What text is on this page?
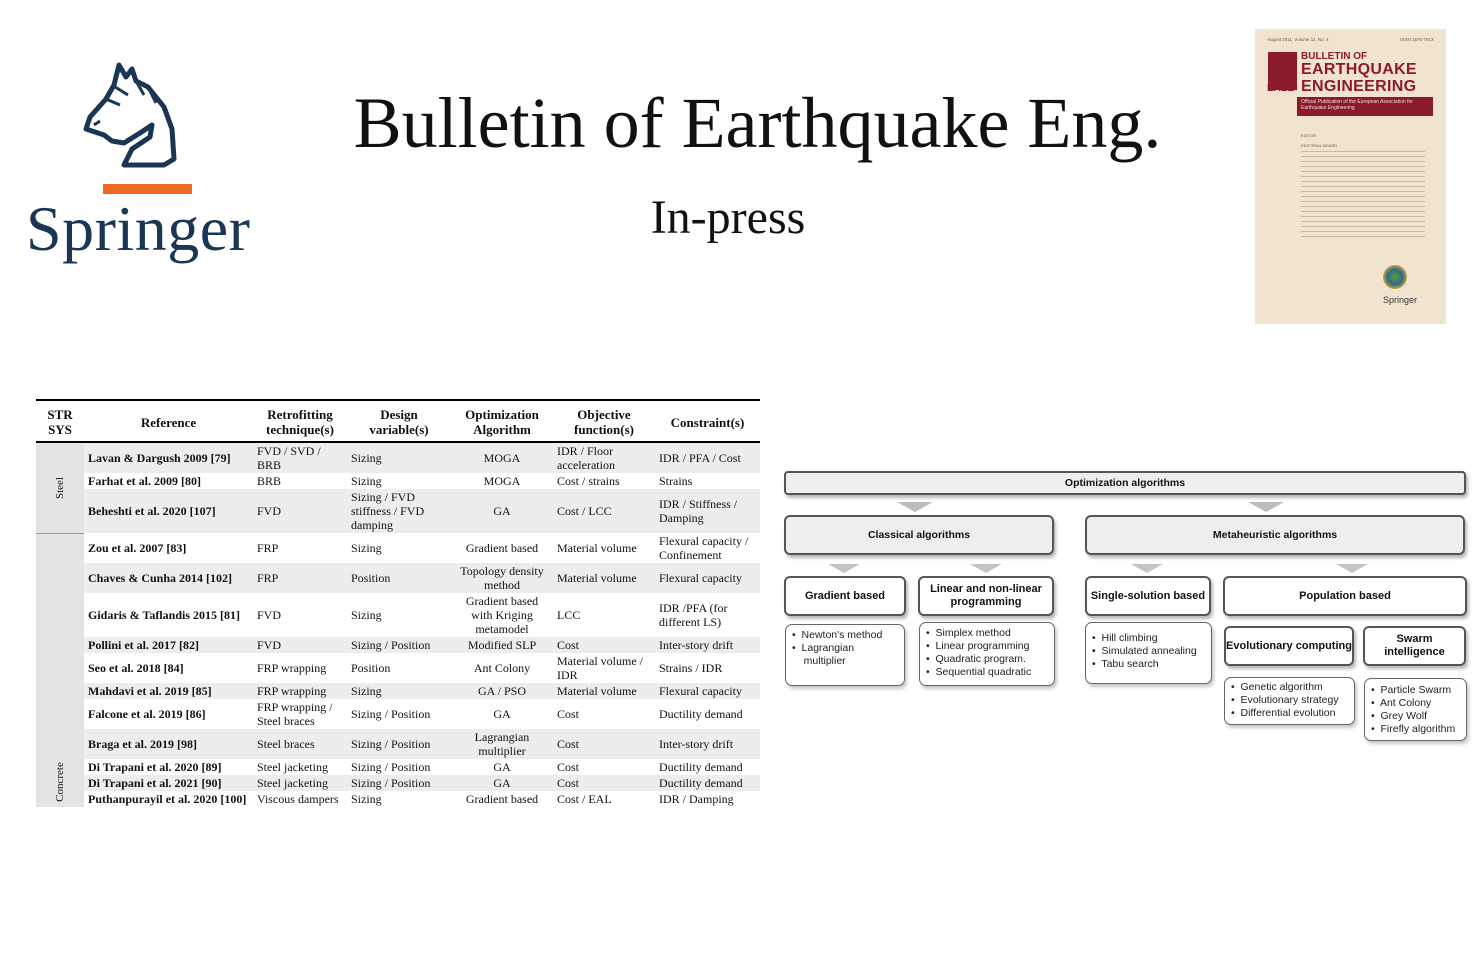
Springer
Bulletin of Earthquake Eng.
In-press
August 2011, Volume 11, No. 4	ISSN 1570-761X
EAEE
BULLETIN OF
EARTHQUAKE
ENGINEERING
Official Publication of the European Association for Earthquake Engineering
EDITOR

EDITORIAL BOARD
Springer
STR SYS	Reference	Retrofitting technique(s)	Design variable(s)	Optimization Algorithm	Objective function(s)	Constraint(s)
Steel	Lavan & Dargush 2009 [79]	FVD / SVD / BRB	Sizing	MOGA	IDR / Floor acceleration	IDR / PFA / Cost
	Farhat et al. 2009 [80]	BRB	Sizing	MOGA	Cost / strains	Strains
	Beheshti et al. 2020 [107]	FVD	Sizing / FVD stiffness / FVD damping	GA	Cost / LCC	IDR / Stiffness / Damping
Concrete	Zou et al. 2007 [83]	FRP	Sizing	Gradient based	Material volume	Flexural capacity / Confinement
	Chaves & Cunha 2014 [102]	FRP	Position	Topology density method	Material volume	Flexural capacity
	Gidaris & Taflandis 2015 [81]	FVD	Sizing	Gradient based with Kriging metamodel	LCC	IDR /PFA (for different LS)
	Pollini et al. 2017 [82]	FVD	Sizing / Position	Modified SLP	Cost	Inter-story drift
	Seo et al. 2018 [84]	FRP wrapping	Position	Ant Colony	Material volume / IDR	Strains / IDR
	Mahdavi et al. 2019 [85]	FRP wrapping	Sizing	GA / PSO	Material volume	Flexural capacity
	Falcone et al. 2019 [86]	FRP wrapping / Steel braces	Sizing / Position	GA	Cost	Ductility demand
	Braga et al. 2019 [98]	Steel braces	Sizing / Position	Lagrangian multiplier	Cost	Inter-story drift
	Di Trapani et al. 2020 [89]	Steel jacketing	Sizing / Position	GA	Cost	Ductility demand
	Di Trapani et al. 2021 [90]	Steel jacketing	Sizing / Position	GA	Cost	Ductility demand
	Puthanpurayil et al. 2020 [100]	Viscous dampers	Sizing	Gradient based	Cost / EAL	IDR / Damping
Optimization algorithms
Classical algorithms	Metaheuristic algorithms
Gradient based
Linear and non-linear programming	Single-solution based	Population based
•  Newton's method
•  Lagrangian
multiplier
•  Simplex method
•  Linear programming
•  Quadratic program.
•  Sequential quadratic
•  Hill climbing
•  Simulated annealing
•  Tabu search
Evolutionary computing
Swarm intelligence
•  Genetic algorithm
•  Evolutionary strategy
•  Differential evolution
•  Particle Swarm
•  Ant Colony
•  Grey Wolf
•  Firefly algorithm
